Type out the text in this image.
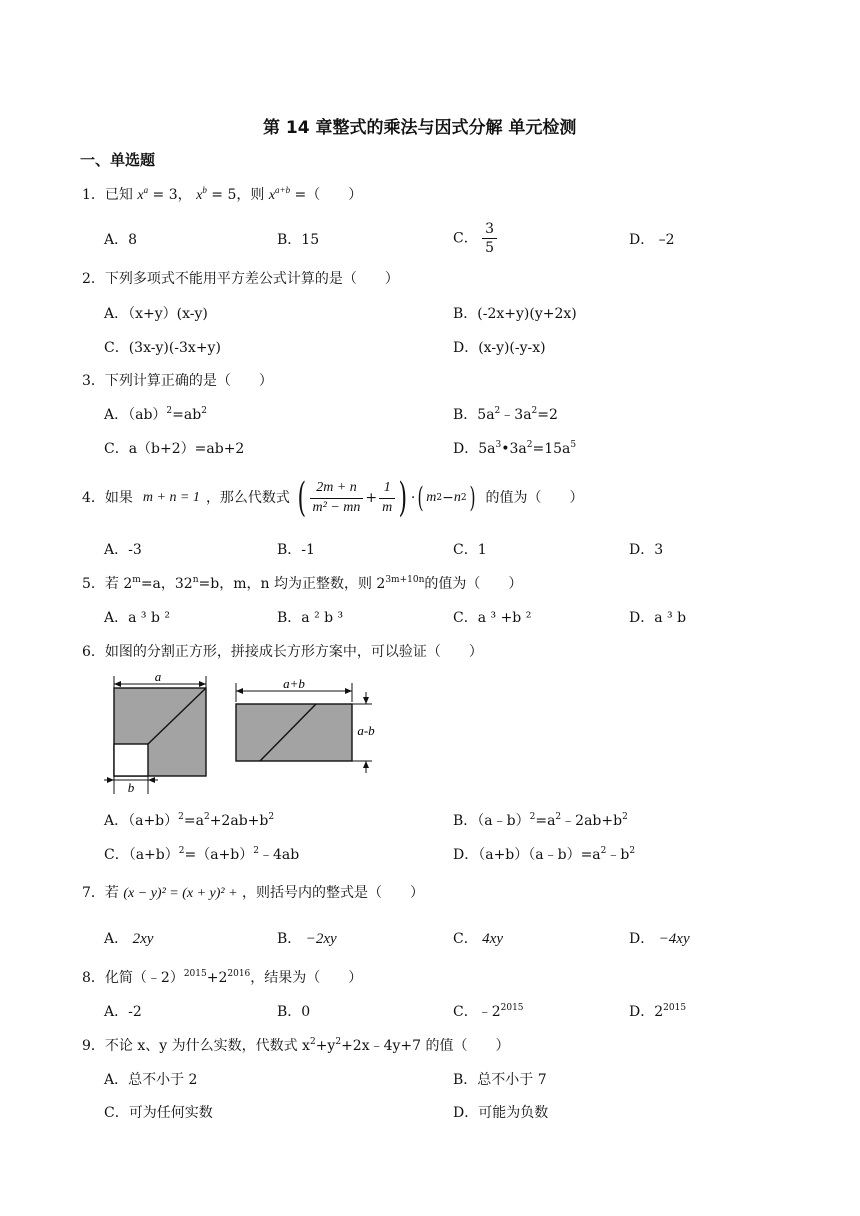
第 14 章整式的乘法与因式分解 单元检测
一、单选题
1．已知 $x^a = 3$， $x^b = 5$，则 $x^{a+b}$ =（　　）
A．8	B．15	C． $\frac{3}{5}$	D． –2
2．下列多项式不能用平方差公式计算的是（　　）
A．（x+y）(x-y)	B．(-2x+y)(y+2x)
C．(3x-y)(-3x+y)	D．(x-y)(-y-x)
3．下列计算正确的是（　　）
A．$(ab)^2=ab^2$	B．$5a^2﹣3a^2=2$
C．a（b+2）=ab+2	D．$5a^3•3a^2=15a^5$
4．如果 m + n = 1 ，那么代数式 ( $\frac{2m + n}{\text{m² − mn}} + \frac{1}{m}$ ) · ( m 2 − n 2 ) 的值为（　　）
A．-3	B．-1	C．1	D．3
5．若 $2^m=a$，$32^n=b$，m，n 均为正整数，则 $2^{3m+10n}$的值为（　　）
A．a ³ b ²	B．a ² b ³	C．a ³ +b ²	D．a ³ b
6．如图的分割正方形，拼接成长方形方案中，可以验证（　　）
a
b
a+b
a-b
A．$(a+b)^2=a^2+2ab+b^2$	B．$(a﹣b)^2=a^2﹣2ab+b^2$
C．$(a+b)^2=(a+b)^2﹣4ab$	D．$(a+b)(a﹣b)=a^2﹣b^2$
7．若 (x − y)² = (x + y)² + ，则括号内的整式是（　　）
A． 2xy	B． −2xy	C． 4xy	D． −4xy
8．化简$(﹣2)^{2015}+2^{2016}$，结果为（　　）
A．-2	B．0	C．$﹣2^{2015}$	D．$2^{2015}$
9．不论 x、y 为什么实数，代数式 $x^2+y^2+2x﹣4y+7$ 的值（　　）
A．总不小于 2	B．总不小于 7
C．可为任何实数	D．可能为负数
